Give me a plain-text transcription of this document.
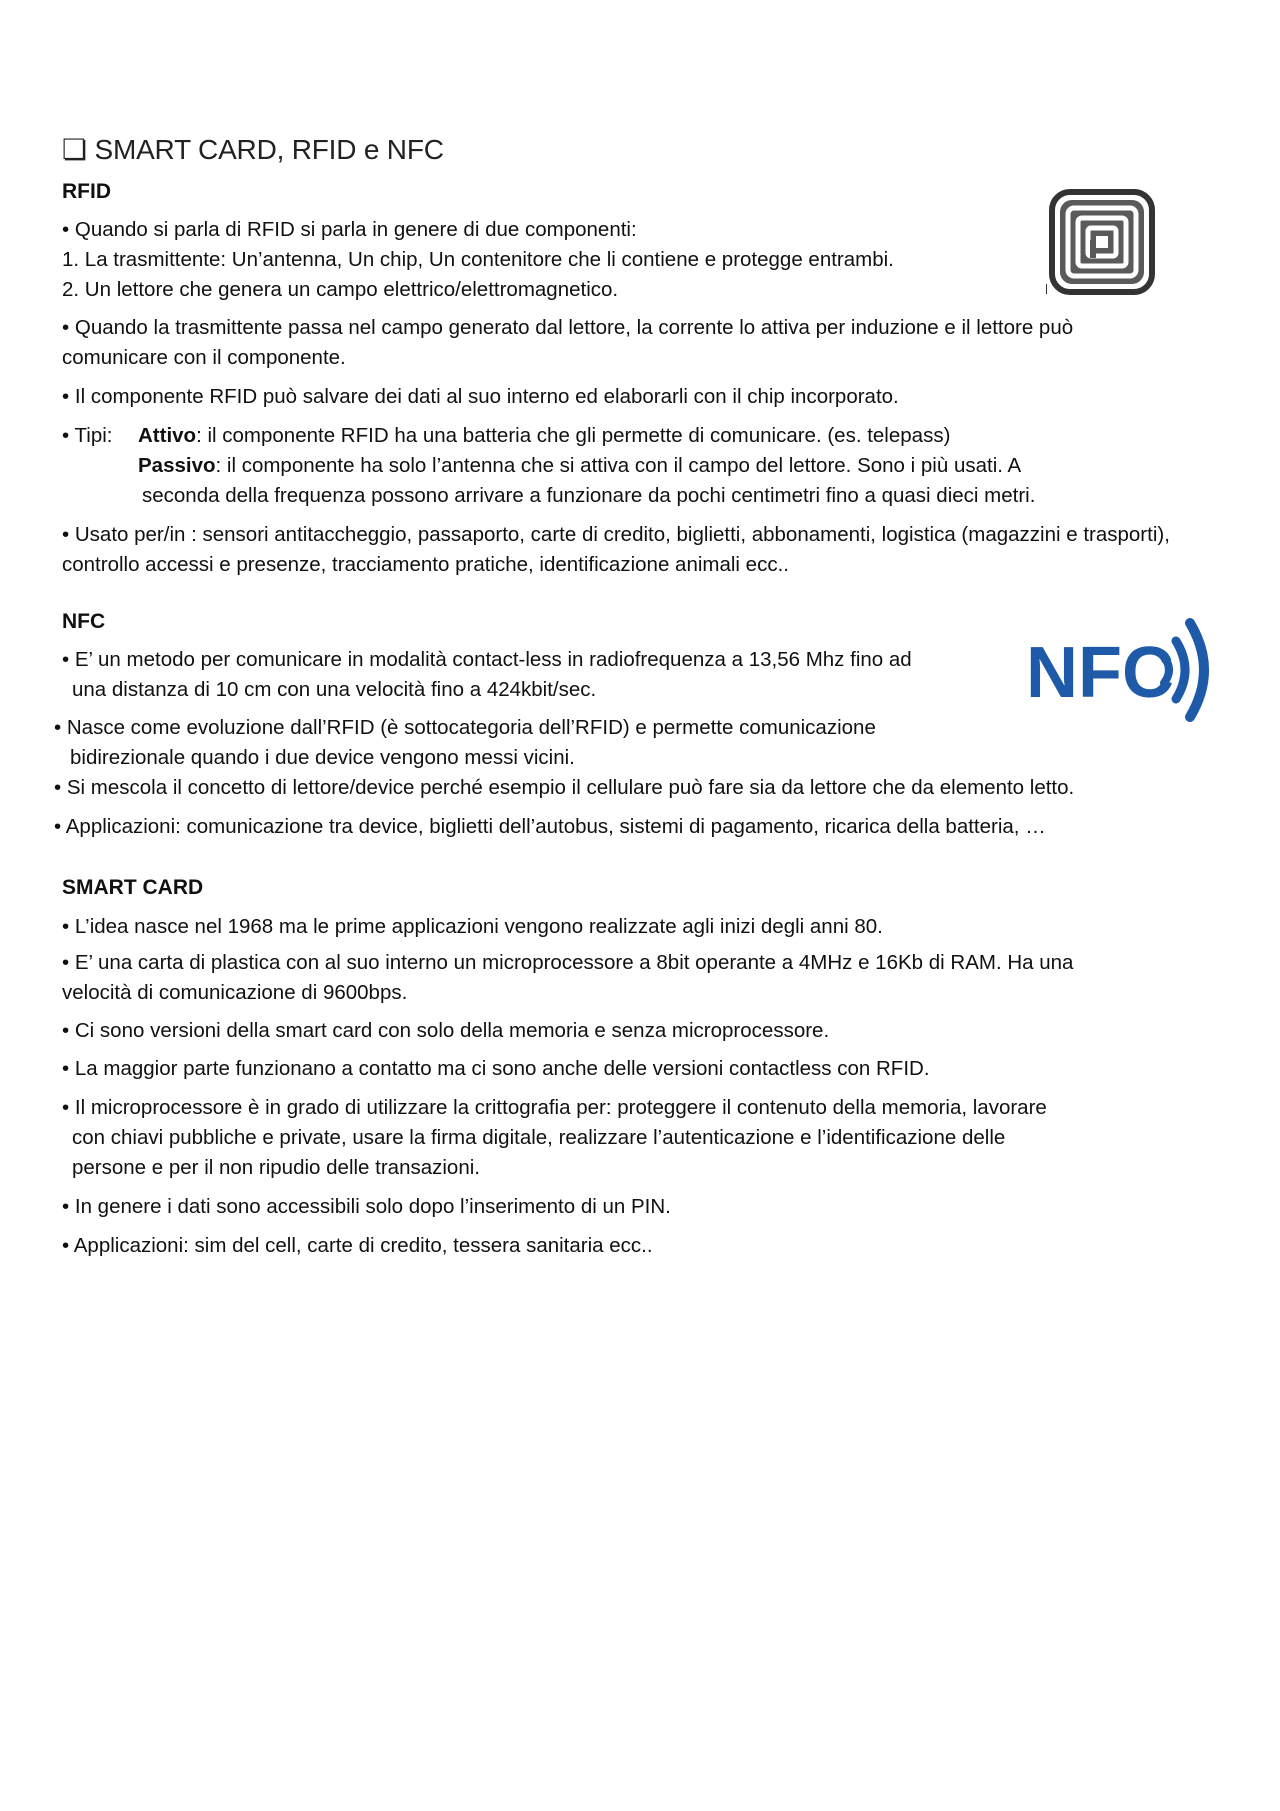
❏ SMART CARD, RFID e NFC
RFID
• Quando si parla di RFID si parla in genere di due componenti:
1. La trasmittente: Un’antenna, Un chip, Un contenitore che li contiene e protegge entrambi.
2. Un lettore che genera un campo elettrico/elettromagnetico.
• Quando la trasmittente passa nel campo generato dal lettore, la corrente lo attiva per induzione e il lettore può comunicare con il componente.
• Il componente RFID può salvare dei dati al suo interno ed elaborarli con il chip incorporato.
• Tipi: Attivo: il componente RFID ha una batteria che gli permette di comunicare. (es. telepass)
Passivo: il componente ha solo l’antenna che si attiva con il campo del lettore. Sono i più usati. A
seconda della frequenza possono arrivare a funzionare da pochi centimetri fino a quasi dieci metri.
• Usato per/in : sensori antitaccheggio, passaporto, carte di credito, biglietti, abbonamenti, logistica (magazzini e trasporti), controllo accessi e presenze, tracciamento pratiche, identificazione animali ecc..
NFC
• E’ un metodo per comunicare in modalità contact-less in radiofrequenza a 13,56 Mhz fino ad
una distanza di 10 cm con una velocità fino a 424kbit/sec.	NFC
• Nasce come evoluzione dall’RFID (è sottocategoria dell’RFID) e permette comunicazione
bidirezionale quando i due device vengono messi vicini.
• Si mescola il concetto di lettore/device perché esempio il cellulare può fare sia da lettore che da elemento letto.
• Applicazioni: comunicazione tra device, biglietti dell’autobus, sistemi di pagamento, ricarica della batteria, …
SMART CARD
• L’idea nasce nel 1968 ma le prime applicazioni vengono realizzate agli inizi degli anni 80.
• E’ una carta di plastica con al suo interno un microprocessore a 8bit operante a 4MHz e 16Kb di RAM. Ha una velocità di comunicazione di 9600bps.
• Ci sono versioni della smart card con solo della memoria e senza microprocessore.
• La maggior parte funzionano a contatto ma ci sono anche delle versioni contactless con RFID.
• Il microprocessore è in grado di utilizzare la crittografia per: proteggere il contenuto della memoria, lavorare
con chiavi pubbliche e private, usare la firma digitale, realizzare l’autenticazione e l’identificazione delle
persone e per il non ripudio delle transazioni.
• In genere i dati sono accessibili solo dopo l’inserimento di un PIN.
• Applicazioni: sim del cell, carte di credito, tessera sanitaria ecc..
